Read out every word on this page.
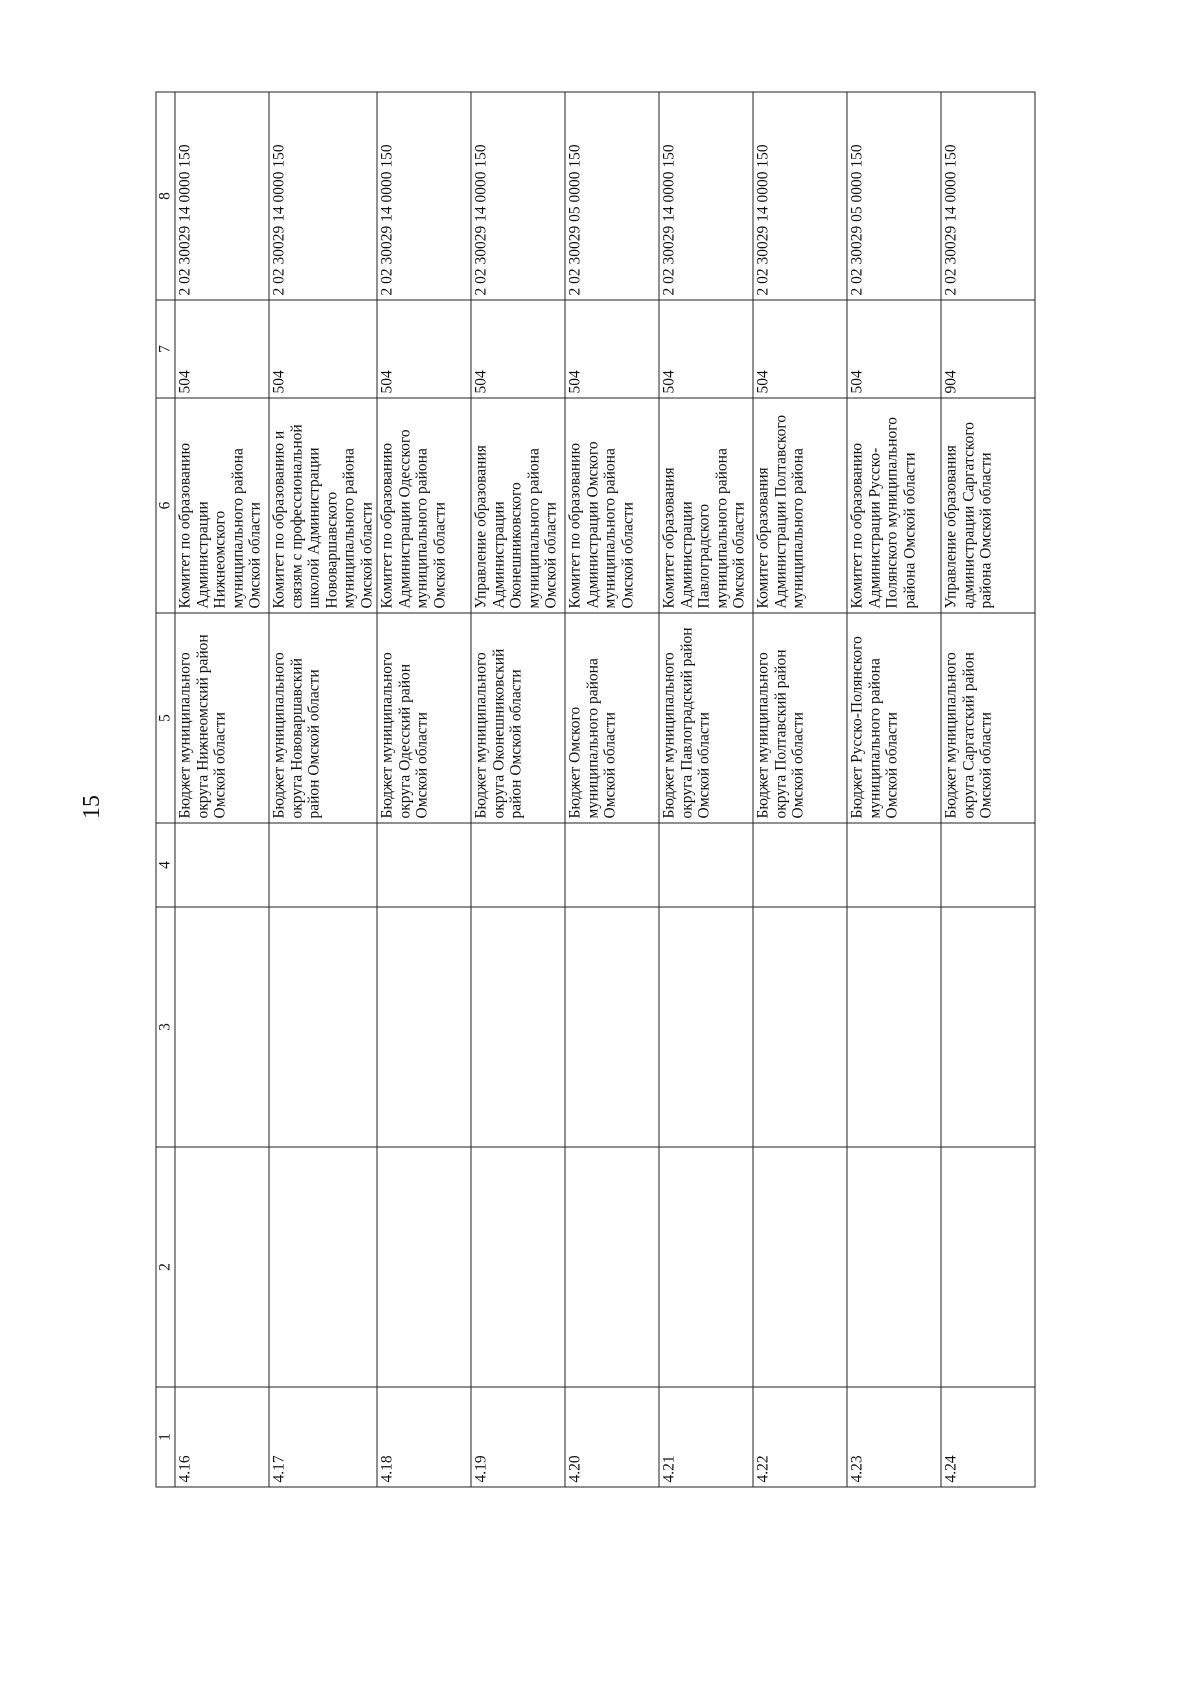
15
1	2	3	4	5	6	7	8
4.16				Бюджет муниципального округа Нижнеомский район Омской области	Комитет по образованию Администрации Нижнеомского муниципального района Омской области	504	2 02 30029 14 0000 150
4.17				Бюджет муниципального округа Нововаршавский район Омской области	Комитет по образованию и связям с профессиональной школой Администрации Нововаршавского муниципального района Омской области	504	2 02 30029 14 0000 150
4.18				Бюджет муниципального округа Одесский район Омской области	Комитет по образованию Администрации Одесского муниципального района Омской области	504	2 02 30029 14 0000 150
4.19				Бюджет муниципального округа Оконешниковский район Омской области	Управление образования Администрации Оконешниковского муниципального района Омской области	504	2 02 30029 14 0000 150
4.20				Бюджет Омского муниципального района Омской области	Комитет по образованию Администрации Омского муниципального района Омской области	504	2 02 30029 05 0000 150
4.21				Бюджет муниципального округа Павлоградский район Омской области	Комитет образования Администрации Павлоградского муниципального района Омской области	504	2 02 30029 14 0000 150
4.22				Бюджет муниципального округа Полтавский район Омской области	Комитет образования Администрации Полтавского муниципального района	504	2 02 30029 14 0000 150
4.23				Бюджет Русско-Полянского муниципального района Омской области	Комитет по образованию Администрации Русско-Полянского муниципального района Омской области	504	2 02 30029 05 0000 150
4.24				Бюджет муниципального округа Саргатский район Омской области	Управление образования администрации Саргатского района Омской области	904	2 02 30029 14 0000 150
